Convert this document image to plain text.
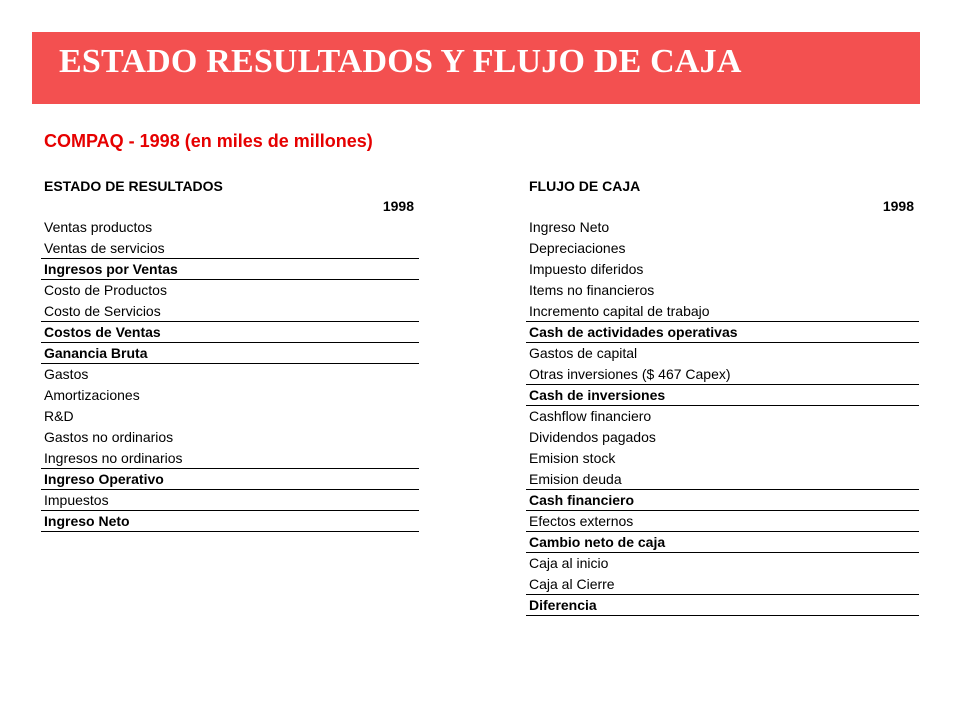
ESTADO RESULTADOS Y FLUJO DE CAJA
COMPAQ - 1998 (en miles de millones)
ESTADO DE RESULTADOS
1998
Ventas productos
Ventas de servicios
Ingresos por Ventas
Costo de Productos
Costo de Servicios
Costos de Ventas
Ganancia Bruta
Gastos
Amortizaciones
R&D
Gastos no ordinarios
Ingresos no ordinarios
Ingreso Operativo
Impuestos
Ingreso Neto
FLUJO DE CAJA
1998
Ingreso Neto
Depreciaciones
Impuesto diferidos
Items no financieros
Incremento capital de trabajo
Cash de actividades operativas
Gastos de capital
Otras inversiones ($ 467 Capex)
Cash de inversiones
Cashflow financiero
Dividendos pagados
Emision stock
Emision deuda
Cash financiero
Efectos externos
Cambio neto de caja
Caja al inicio
Caja al Cierre
Diferencia
